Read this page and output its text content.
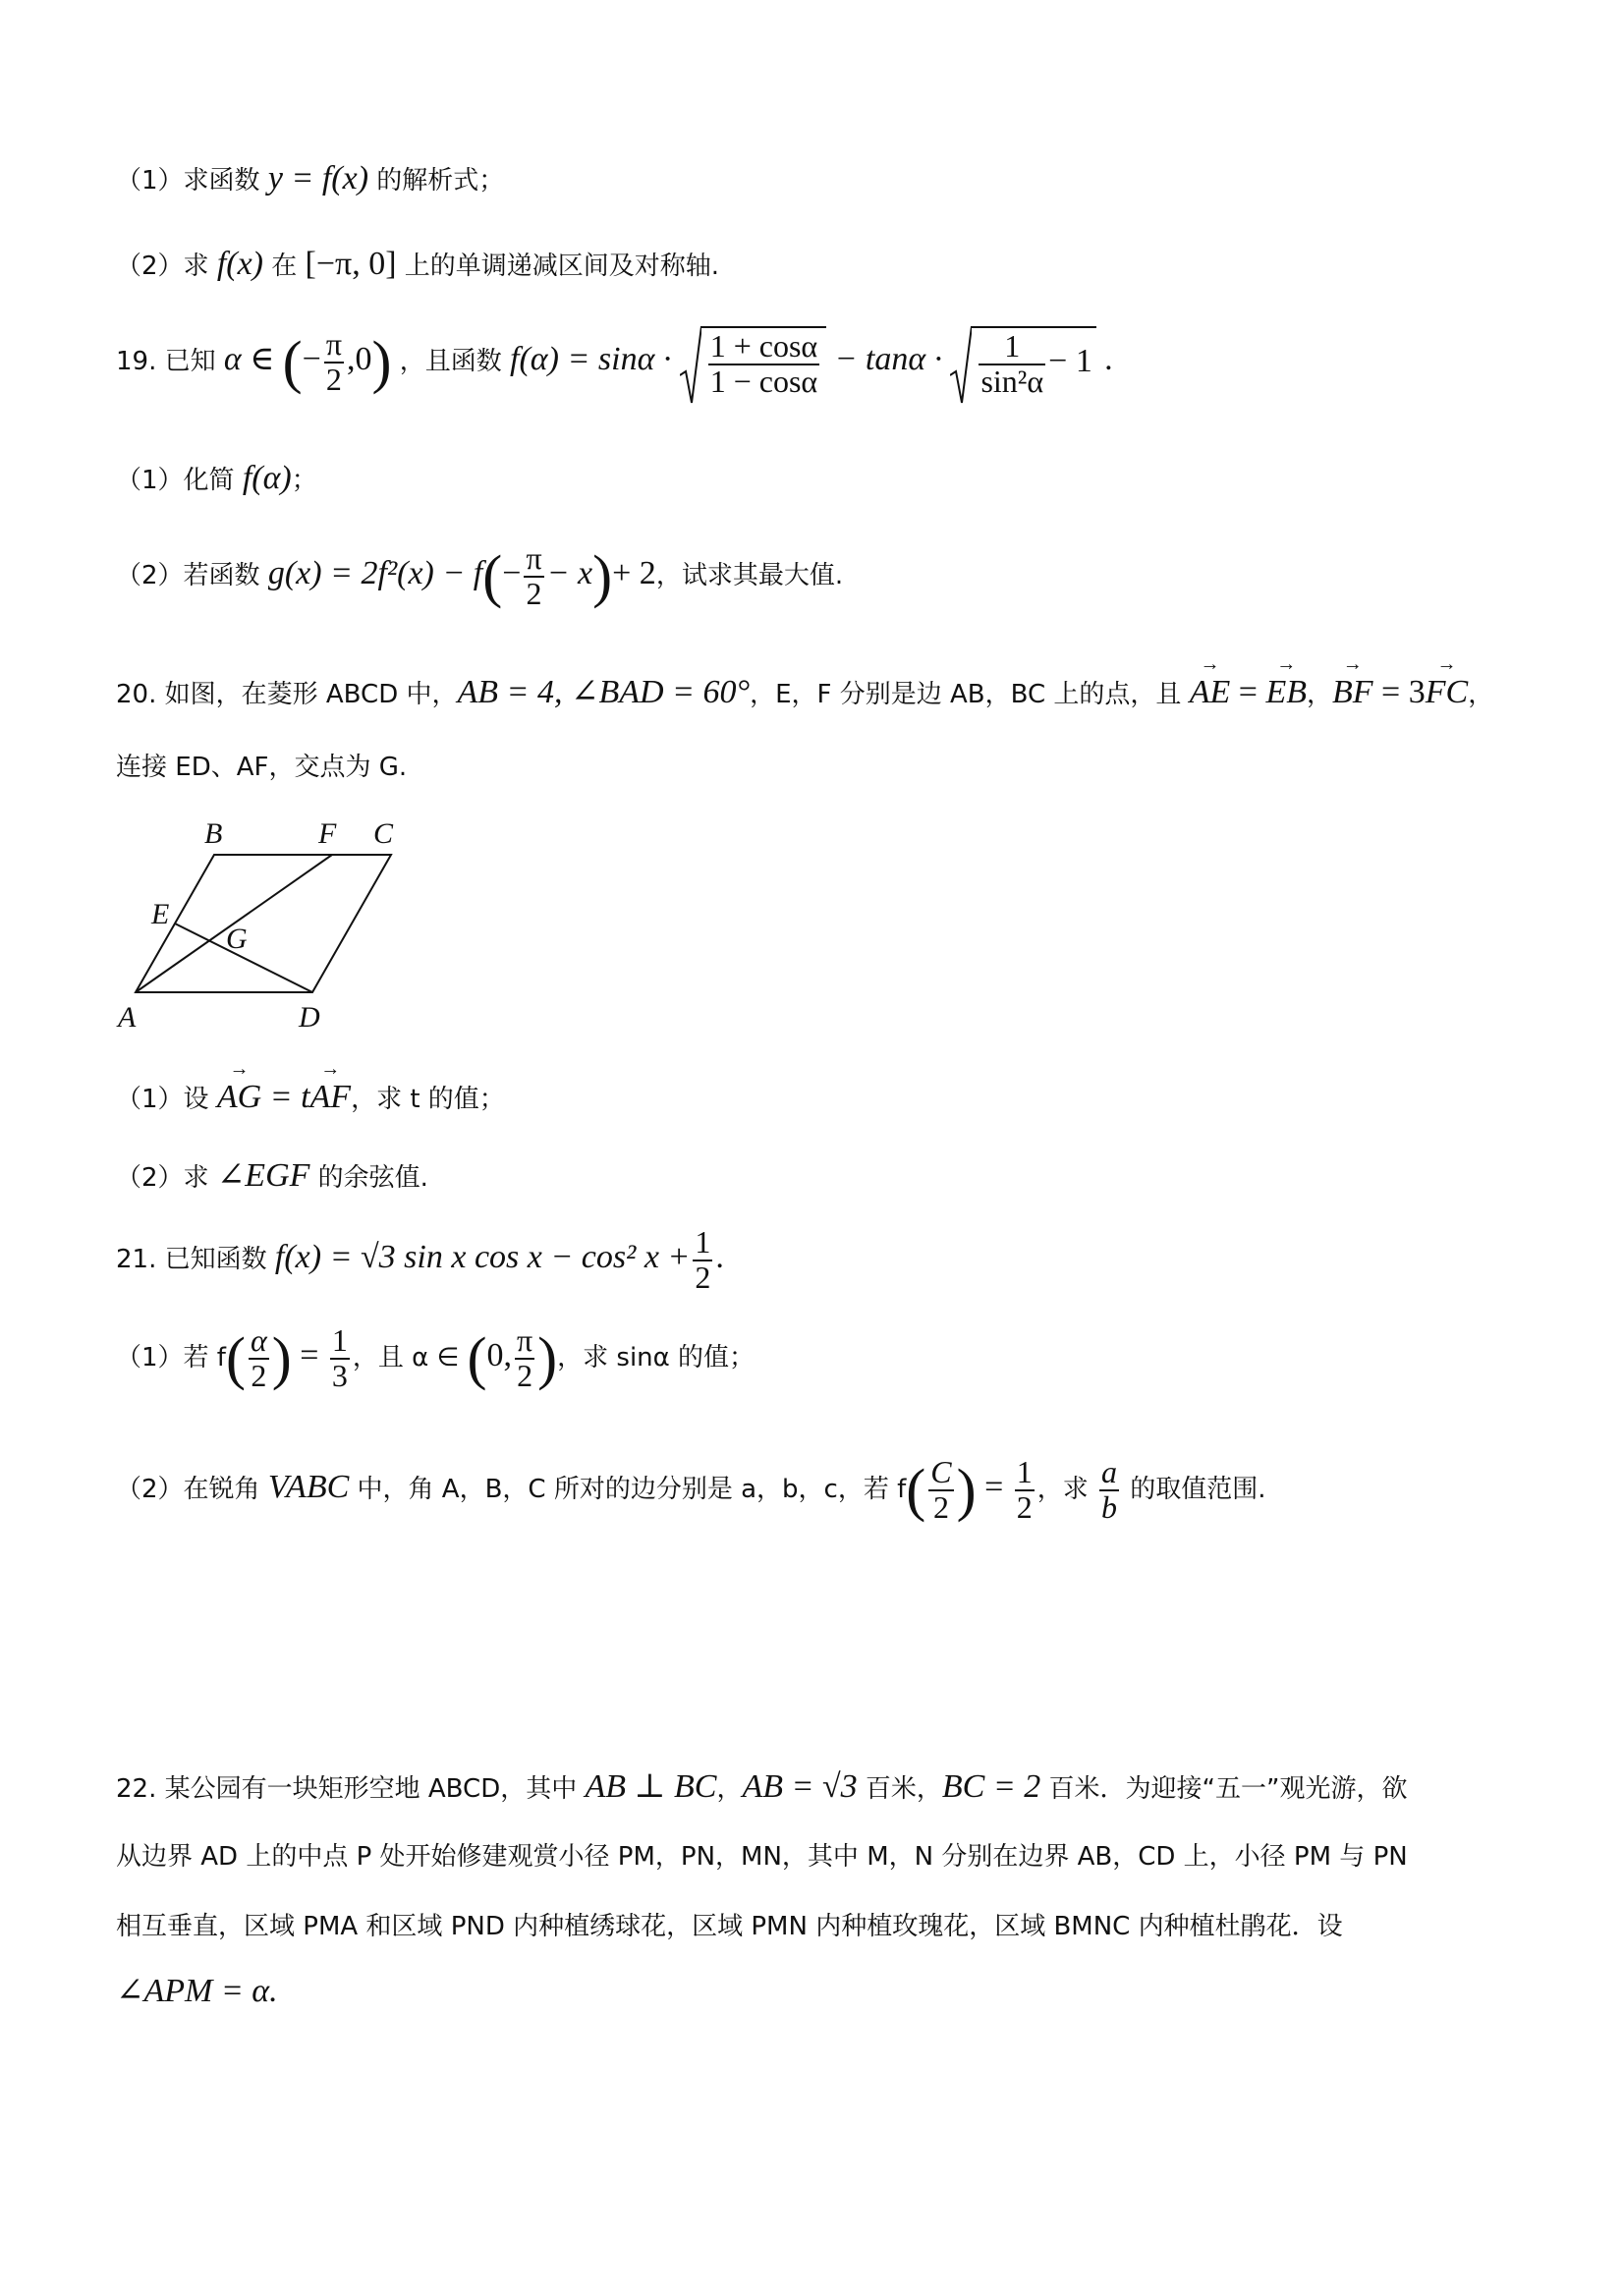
（1）求函数 y = f(x) 的解析式；
（2）求 f(x) 在 [−π, 0] 上的单调递减区间及对称轴.
19. 已知 α ∈ (− $\frac{\pi}{2} ,0$) ，且函数 $f(\alpha) = \sin\alpha \cdot \frac{1 + \cos\alpha}{1 - \cos\alpha} - \tan\alpha \cdot \frac{1}{\text{sin²α}} - 1$ .
（1）化简 f(α)；
（2）若函数 $g(x) = 2f^2(x) - f(- \frac{\pi}{2} - x)+ 2$，试求其最大值.
20. 如图，在菱形 ABCD 中，AB = 4, ∠BAD = 60°，E，F 分别是边 AB，BC 上的点，且 → AE = → EB，→ BF = 3→ FC，
连接 ED、AF，交点为 G.
A
B	C
D
E
F
G
（1）设 → AG = t→ AF，求 t 的值；
（2）求 ∠EGF 的余弦值.
21. 已知函数 f(x) = √3 sin x cos x − cos² $x + \frac{1}{2}$ .
（1）若 $f( \frac{\alpha}{2}$ ) = $\frac{1}{3}$ ，且 α ∈ (0, $\frac{\pi}{2}$ )，求 sinα 的值；
（2）在锐角 VABC 中，角 A，B，C 所对的边分别是 a，b，c，若 $f( \frac{C}{2}$ ) = $\frac{1}{2}$ ，求 $\frac{a}{b}$ 的取值范围.
22. 某公园有一块矩形空地 ABCD，其中 AB ⊥ BC，AB = √3 百米，BC = 2 百米．为迎接“五一”观光游，欲
从边界 AD 上的中点 P 处开始修建观赏小径 PM，PN，MN，其中 M，N 分别在边界 AB，CD 上，小径 PM 与 PN
相互垂直，区域 PMA 和区域 PND 内种植绣球花，区域 PMN 内种植玫瑰花，区域 BMNC 内种植杜鹃花．设
∠APM = α.
